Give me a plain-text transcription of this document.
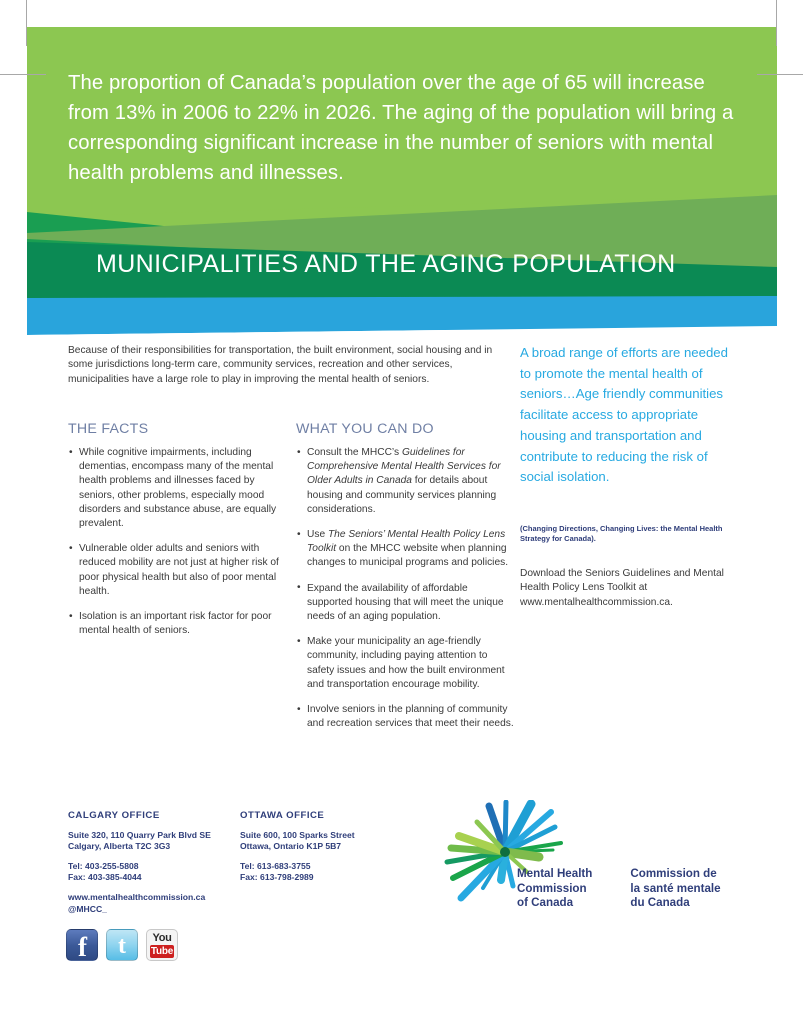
The proportion of Canada’s population over the age of 65 will increase from 13% in 2006 to 22% in 2026. The aging of the population will bring a corresponding significant increase in the number of seniors with mental health problems and illnesses.
MUNICIPALITIES AND THE AGING POPULATION
Because of their responsibilities for transportation, the built environment, social housing and in some jurisdictions long-term care, community services, recreation and other services, municipalities have a large role to play in improving the mental health of seniors.
THE FACTS
• While cognitive impairments, including dementias, encompass many of the mental health problems and illnesses faced by seniors, other problems, especially mood disorders and substance abuse, are equally prevalent.
• Vulnerable older adults and seniors with reduced mobility are not just at higher risk of poor physical health but also of poor mental health.
• Isolation is an important risk factor for poor mental health of seniors.
WHAT YOU CAN DO
• Consult the MHCC’s Guidelines for Comprehensive Mental Health Services for Older Adults in Canada for details about housing and community services planning considerations.
• Use The Seniors’ Mental Health Policy Lens Toolkit on the MHCC website when planning changes to municipal programs and policies.
• Expand the availability of affordable supported housing that will meet the unique needs of an aging population.
• Make your municipality an age-friendly community, including paying attention to safety issues and how the built environment and transportation encourage mobility.
• Involve seniors in the planning of community and recreation services that meet their needs.
A broad range of efforts are needed to promote the mental health of seniors…Age friendly communities facilitate access to appropriate housing and transportation and contribute to reducing the risk of social isolation.
(Changing Directions, Changing Lives: the Mental Health Strategy for Canada).
Download the Seniors Guidelines and Mental Health Policy Lens Toolkit at www.mentalhealthcommission.ca.
CALGARY OFFICE
Suite 320, 110 Quarry Park Blvd SE
Calgary, Alberta T2C 3G3
Tel: 403-255-5808
Fax: 403-385-4044
www.mentalhealthcommission.ca
@MHCC_
OTTAWA OFFICE
Suite 600, 100 Sparks Street
Ottawa, Ontario K1P 5B7
Tel: 613-683-3755
Fax: 613-798-2989
f	t	You
Tube
Mental Health
Commission
of Canada
Commission de
la santé mentale
du Canada
